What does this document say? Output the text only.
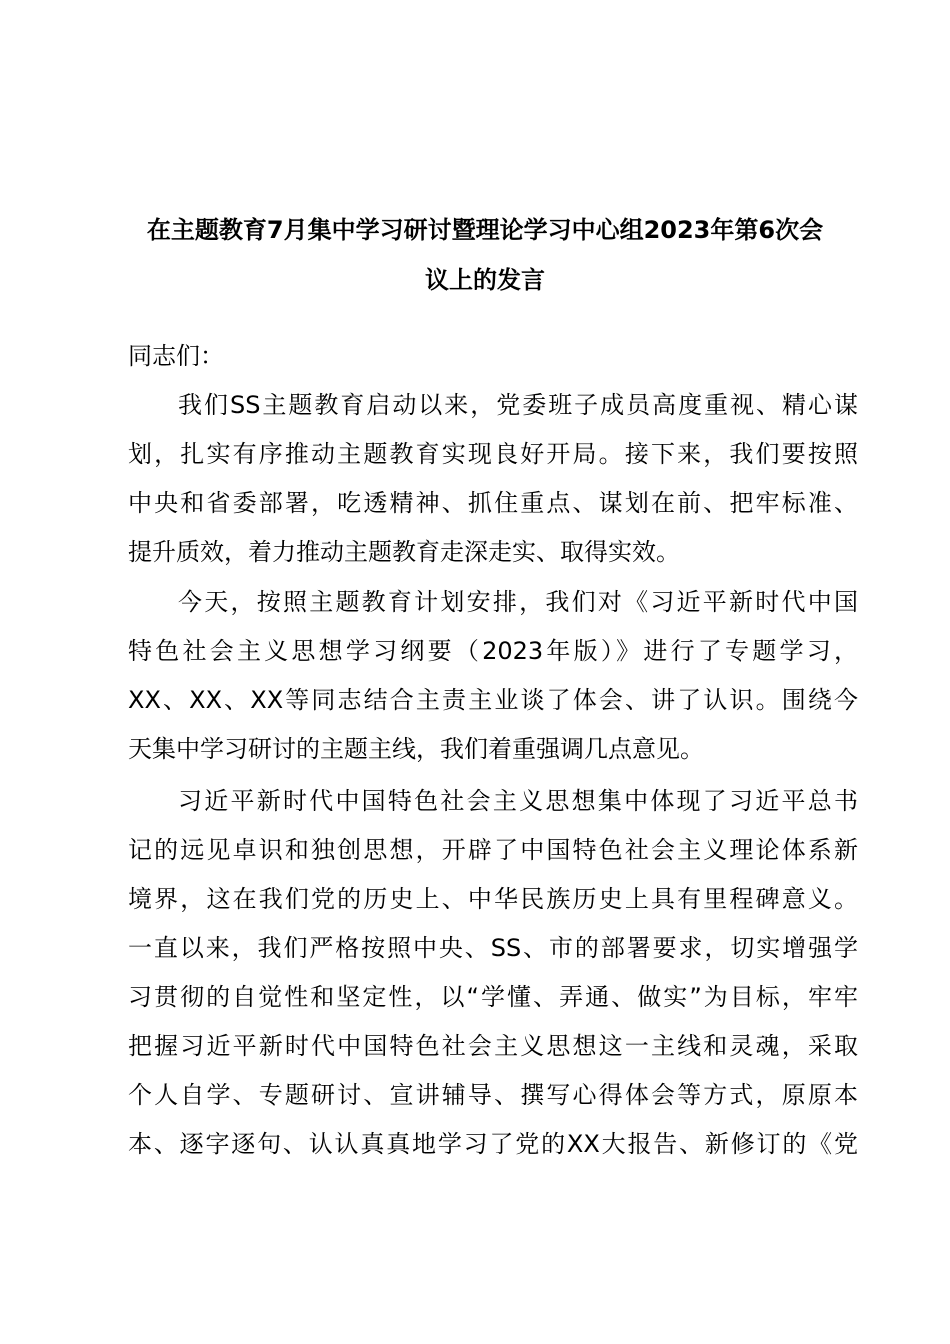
在主题教育7月集中学习研讨暨理论学习中心组2023年第6次会
议上的发言
同志们：
我们SS主题教育启动以来，党委班子成员高度重视、精心谋
划，扎实有序推动主题教育实现良好开局。接下来，我们要按照
中央和省委部署，吃透精神、抓住重点、谋划在前、把牢标准、
提升质效，着力推动主题教育走深走实、取得实效。
今天，按照主题教育计划安排，我们对《习近平新时代中国
特色社会主义思想学习纲要（2023年版）》进行了专题学习，
XX、XX、XX等同志结合主责主业谈了体会、讲了认识。围绕今
天集中学习研讨的主题主线，我们着重强调几点意见。
习近平新时代中国特色社会主义思想集中体现了习近平总书
记的远见卓识和独创思想，开辟了中国特色社会主义理论体系新
境界，这在我们党的历史上、中华民族历史上具有里程碑意义。
一直以来，我们严格按照中央、SS、市的部署要求，切实增强学
习贯彻的自觉性和坚定性，以“学懂、弄通、做实”为目标，牢牢
把握习近平新时代中国特色社会主义思想这一主线和灵魂，采取
个人自学、专题研讨、宣讲辅导、撰写心得体会等方式，原原本
本、逐字逐句、认认真真地学习了党的XX大报告、新修订的《党
